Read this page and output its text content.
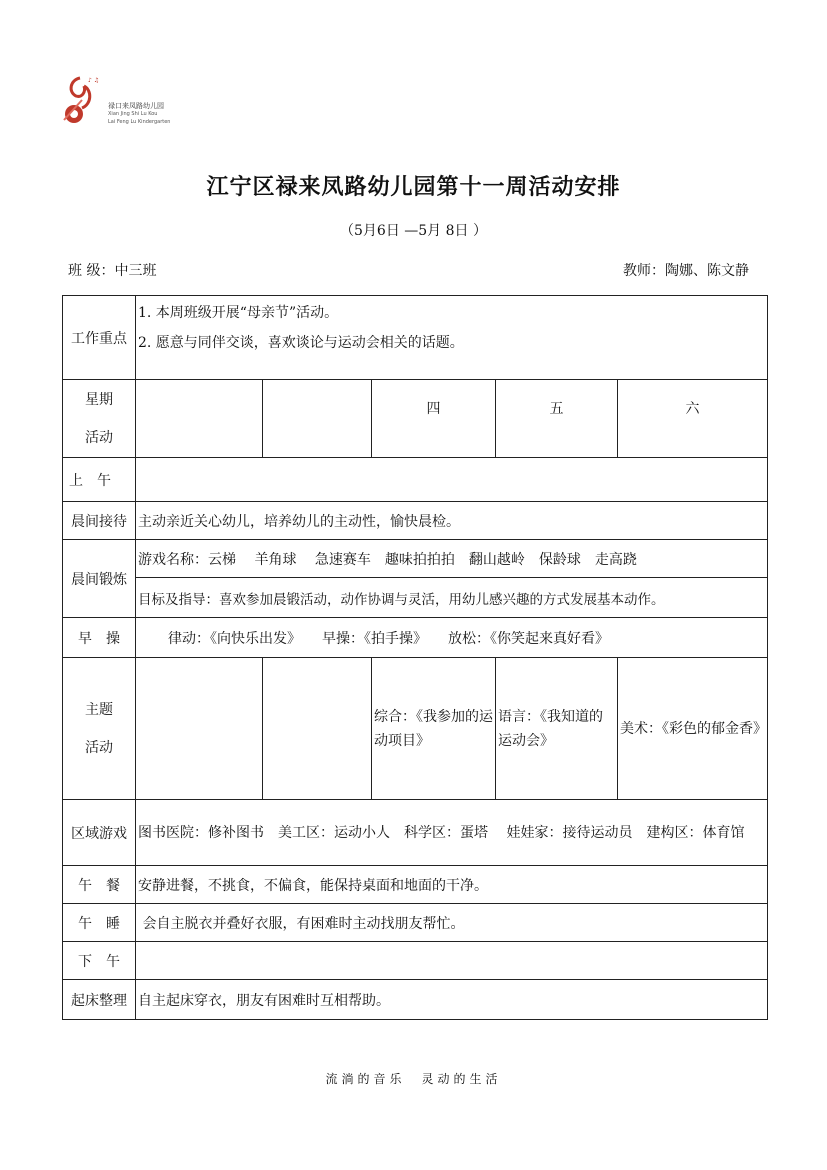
♪ ♫
禄口来凤路幼儿园
Xian Jing Shi Lu Kou
Lai Feng Lu Kindergarten
江宁区禄来凤路幼儿园第十一周活动安排
（5月6日 —5月 8日 ）
班 级：中三班	教师：陶娜、陈文静
工作重点	1. 本周班级开展“母亲节”活动。
2. 愿意与同伴交谈，喜欢谈论与运动会相关的话题。				

星期
活动			四	五	六
上　午					
晨间接待	主动亲近关心幼儿，培养幼儿的主动性，愉快晨检。				
晨间锻炼	游戏名称：云梯　 羊角球　 急速赛车　趣味拍拍拍　翻山越岭　保龄球　走高跷				
	目标及指导：喜欢参加晨锻活动，动作协调与灵活，用幼儿感兴趣的方式发展基本动作。				
早　操	律动：《向快乐出发》　　早操：《拍手操》　　放松：《你笑起来真好看》				

主题
活动			综合：《我参加的运动项目》	语言：《我知道的运动会》	美术：《彩色的郁金香》
区域游戏	图书医院：修补图书　美工区：运动小人　科学区：蛋塔　 娃娃家：接待运动员　建构区：体育馆				
午　餐	安静进餐，不挑食，不偏食，能保持桌面和地面的干净。				
午　睡	会自主脱衣并叠好衣服，有困难时主动找朋友帮忙。				
下　午					
起床整理	自主起床穿衣，朋友有困难时互相帮助。				
流淌的音乐　灵动的生活
